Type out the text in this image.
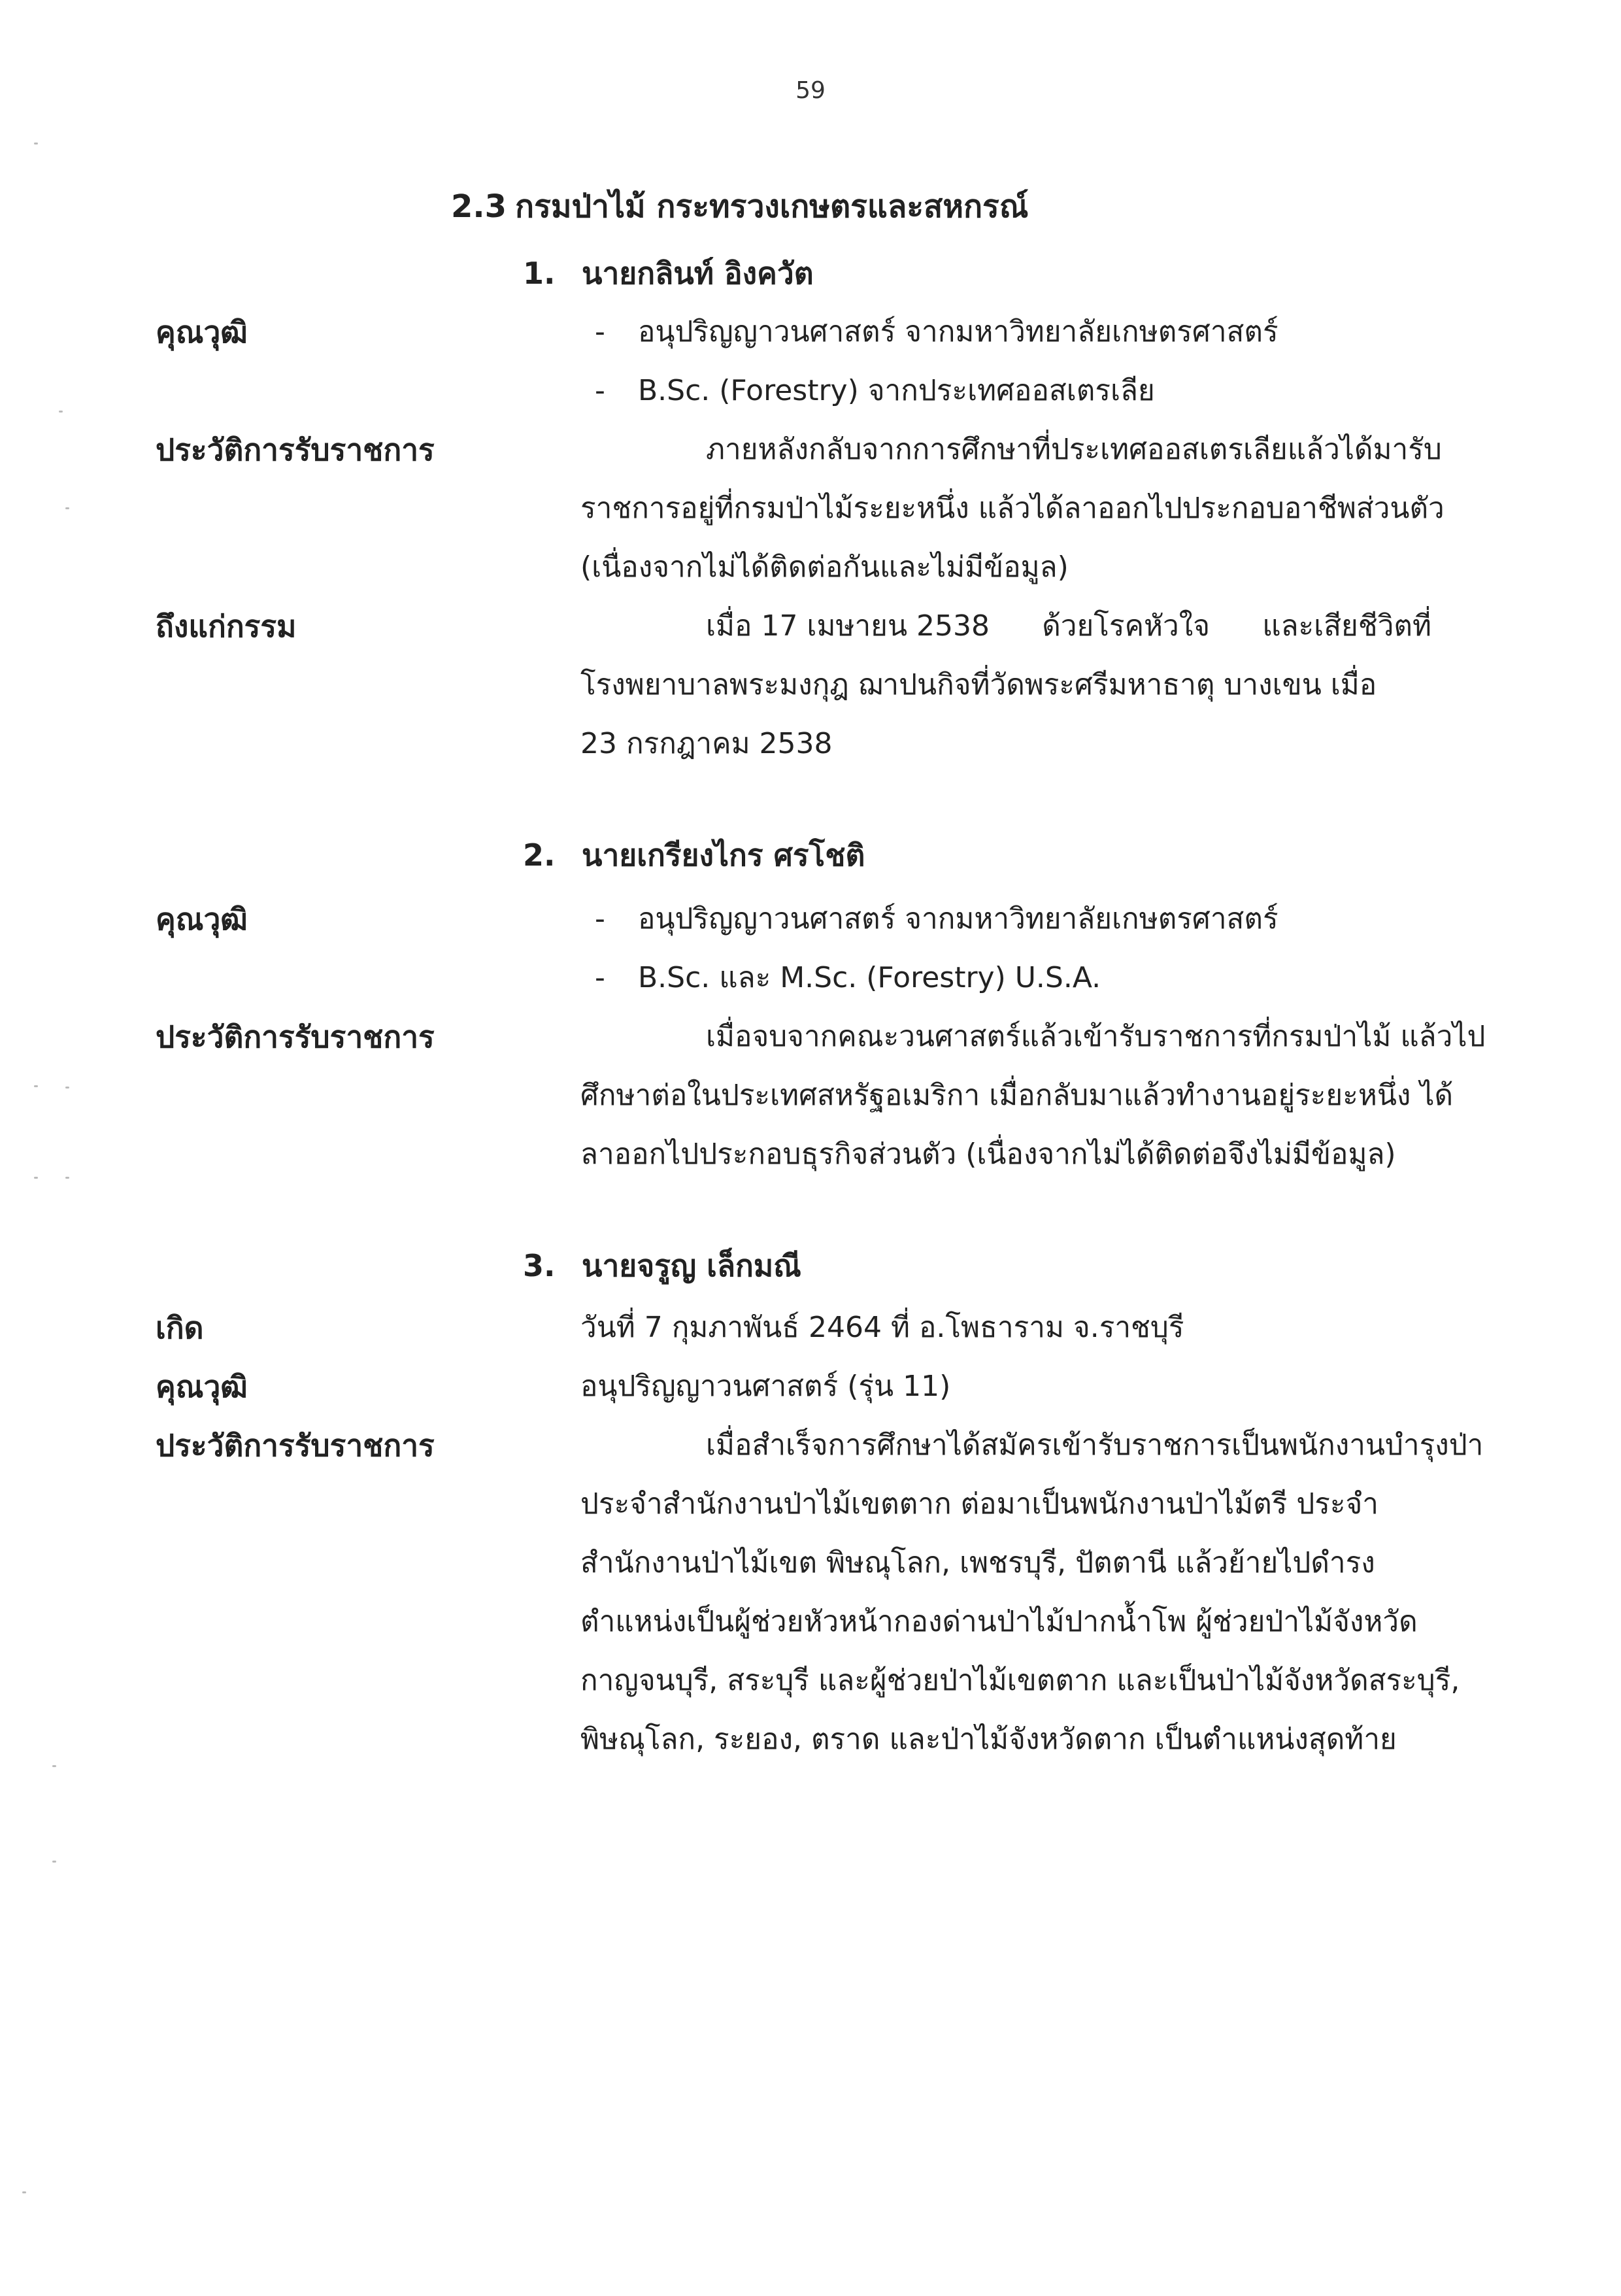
59
2.3 กรมป่าไม้ กระทรวงเกษตรและสหกรณ์
1. นายกลินท์ อิงควัต
คุณวุฒิ	- อนุปริญญาวนศาสตร์ จากมหาวิทยาลัยเกษตรศาสตร์
- B.Sc. (Forestry) จากประเทศออสเตรเลีย
ประวัติการรับราชการ	ภายหลังกลับจากการศึกษาที่ประเทศออสเตรเลียแล้วได้มารับ
ราชการอยู่ที่กรมป่าไม้ระยะหนึ่ง แล้วได้ลาออกไปประกอบอาชีพส่วนตัว
(เนื่องจากไม่ได้ติดต่อกันและไม่มีข้อมูล)
ถึงแก่กรรม	เมื่อ 17 เมษายน 2538 ด้วยโรคหัวใจ และเสียชีวิตที่
โรงพยาบาลพระมงกุฎ ฌาปนกิจที่วัดพระศรีมหาธาตุ บางเขน เมื่อ
23 กรกฎาคม 2538
2. นายเกรียงไกร ศรโชติ
คุณวุฒิ	- อนุปริญญาวนศาสตร์ จากมหาวิทยาลัยเกษตรศาสตร์
- B.Sc. และ M.Sc. (Forestry) U.S.A.
ประวัติการรับราชการ	เมื่อจบจากคณะวนศาสตร์แล้วเข้ารับราชการที่กรมป่าไม้ แล้วไป
ศึกษาต่อในประเทศสหรัฐอเมริกา เมื่อกลับมาแล้วทำงานอยู่ระยะหนึ่ง ได้
ลาออกไปประกอบธุรกิจส่วนตัว (เนื่องจากไม่ได้ติดต่อจึงไม่มีข้อมูล)
3. นายจรูญ เล็กมณี
เกิด	วันที่ 7 กุมภาพันธ์ 2464 ที่ อ.โพธาราม จ.ราชบุรี
คุณวุฒิ	อนุปริญญาวนศาสตร์ (รุ่น 11)
ประวัติการรับราชการ	เมื่อสำเร็จการศึกษาได้สมัครเข้ารับราชการเป็นพนักงานบำรุงป่า
ประจำสำนักงานป่าไม้เขตตาก ต่อมาเป็นพนักงานป่าไม้ตรี ประจำ
สำนักงานป่าไม้เขต พิษณุโลก, เพชรบุรี, ปัตตานี แล้วย้ายไปดำรง
ตำแหน่งเป็นผู้ช่วยหัวหน้ากองด่านป่าไม้ปากน้ำโพ ผู้ช่วยป่าไม้จังหวัด
กาญจนบุรี, สระบุรี และผู้ช่วยป่าไม้เขตตาก และเป็นป่าไม้จังหวัดสระบุรี,
พิษณุโลก, ระยอง, ตราด และป่าไม้จังหวัดตาก เป็นตำแหน่งสุดท้าย
